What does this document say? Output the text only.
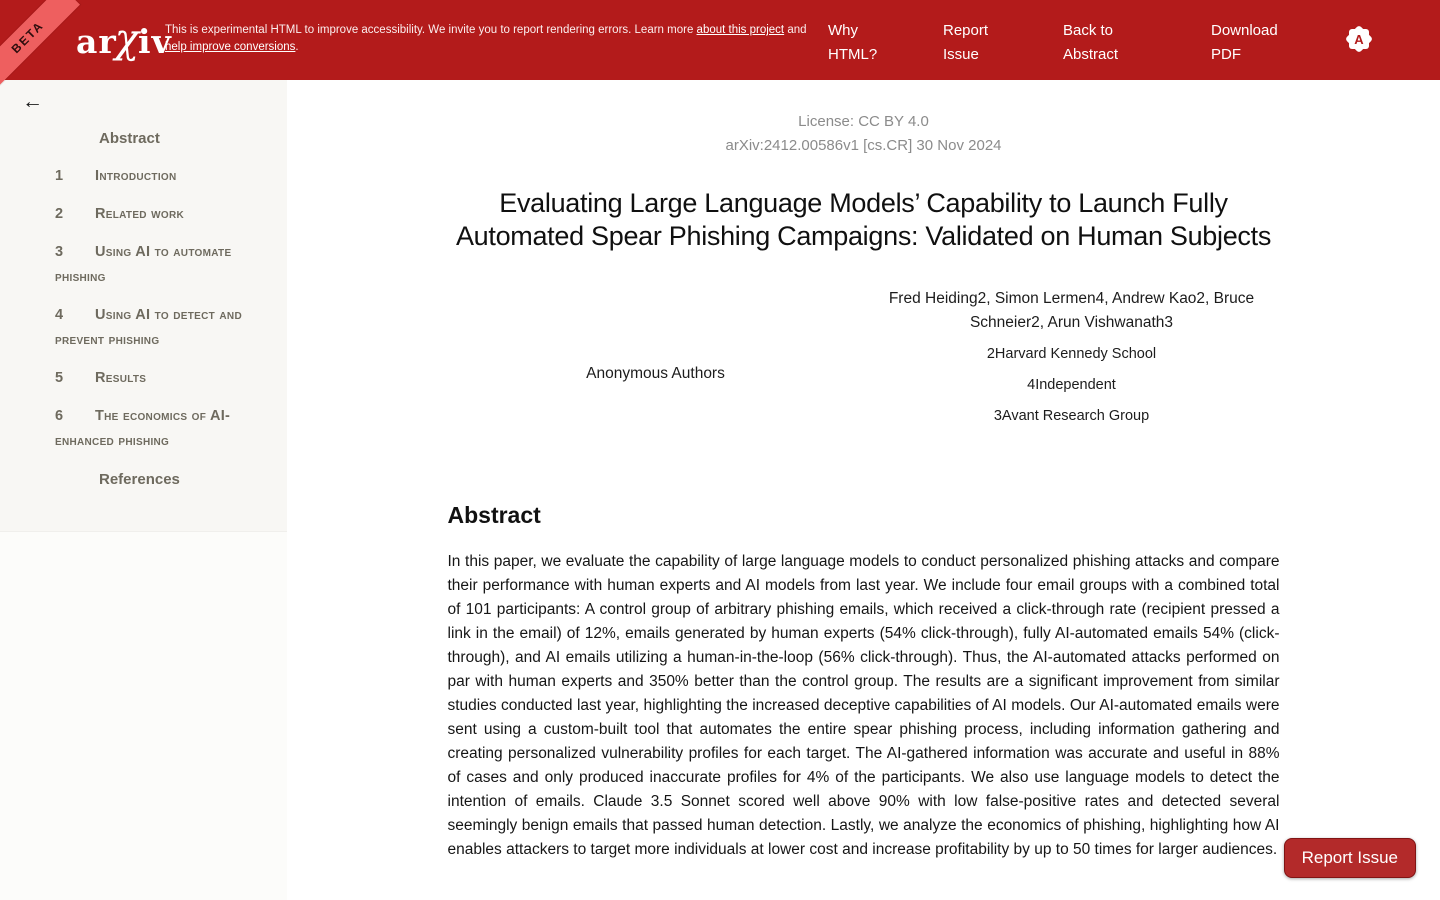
BETA ar
χ
iv
This is experimental HTML to improve accessibility. We invite you to report rendering errors. Learn more about this project and help improve conversions.
Why HTML?
Report Issue
Back to Abstract
Download PDF
A
←
Abstract
1 Introduction
2 Related work
3 Using AI to automate phishing
4 Using AI to detect and prevent phishing
5 Results
6 The economics of AI-enhanced phishing
References
License: CC BY 4.0
arXiv:2412.00586v1 [cs.CR] 30 Nov 2024
Evaluating Large Language Models’ Capability to Launch Fully Automated Spear Phishing Campaigns: Validated on Human Subjects
Anonymous Authors
Fred Heiding2, Simon Lermen4, Andrew Kao2, Bruce Schneier2, Arun Vishwanath3
2Harvard Kennedy School
4Independent
3Avant Research Group
Abstract

In this paper, we evaluate the capability of large language models to conduct personalized phishing attacks and compare their performance with human experts and AI models from last year. We include four email groups with a combined total of 101 participants: A control group of arbitrary phishing emails, which received a click-through rate (recipient pressed a link in the email) of 12%, emails generated by human experts (54% click-through), fully AI-automated emails 54% (click-through), and AI emails utilizing a human-in-the-loop (56% click-through). Thus, the AI-automated attacks performed on par with human experts and 350% better than the control group. The results are a significant improvement from similar studies conducted last year, highlighting the increased deceptive capabilities of AI models. Our AI-automated emails were sent using a custom-built tool that automates the entire spear phishing process, including information gathering and creating personalized vulnerability profiles for each target. The AI-gathered information was accurate and useful in 88% of cases and only produced inaccurate profiles for 4% of the participants. We also use language models to detect the intention of emails. Claude 3.5 Sonnet scored well above 90% with low false-positive rates and detected several seemingly benign emails that passed human detection. Lastly, we analyze the economics of phishing, highlighting how AI enables attackers to target more individuals at lower cost and increase profitability by up to 50 times for larger audiences.	Report Issue
